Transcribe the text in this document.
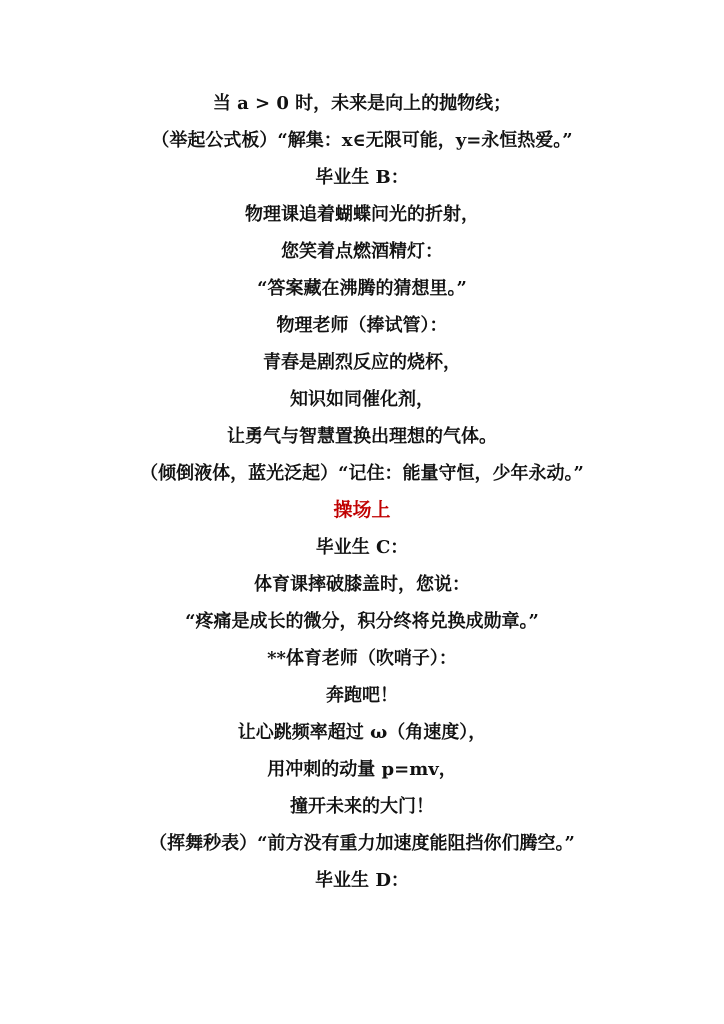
当 a > 0 时，未来是向上的抛物线；
（举起公式板）“解集：x∈无限可能，y=永恒热爱。”
毕业生 B：
物理课追着蝴蝶问光的折射，
您笑着点燃酒精灯：
“答案藏在沸腾的猜想里。”
物理老师（捧试管）：
青春是剧烈反应的烧杯，
知识如同催化剂，
让勇气与智慧置换出理想的气体。
（倾倒液体，蓝光泛起）“记住：能量守恒，少年永动。”
操场上
毕业生 C：
体育课摔破膝盖时，您说：
“疼痛是成长的微分，积分终将兑换成勋章。”
**体育老师（吹哨子）：
奔跑吧！
让心跳频率超过 ω（角速度），
用冲刺的动量 p=mv，
撞开未来的大门！
（挥舞秒表）“前方没有重力加速度能阻挡你们腾空。”
毕业生 D：
